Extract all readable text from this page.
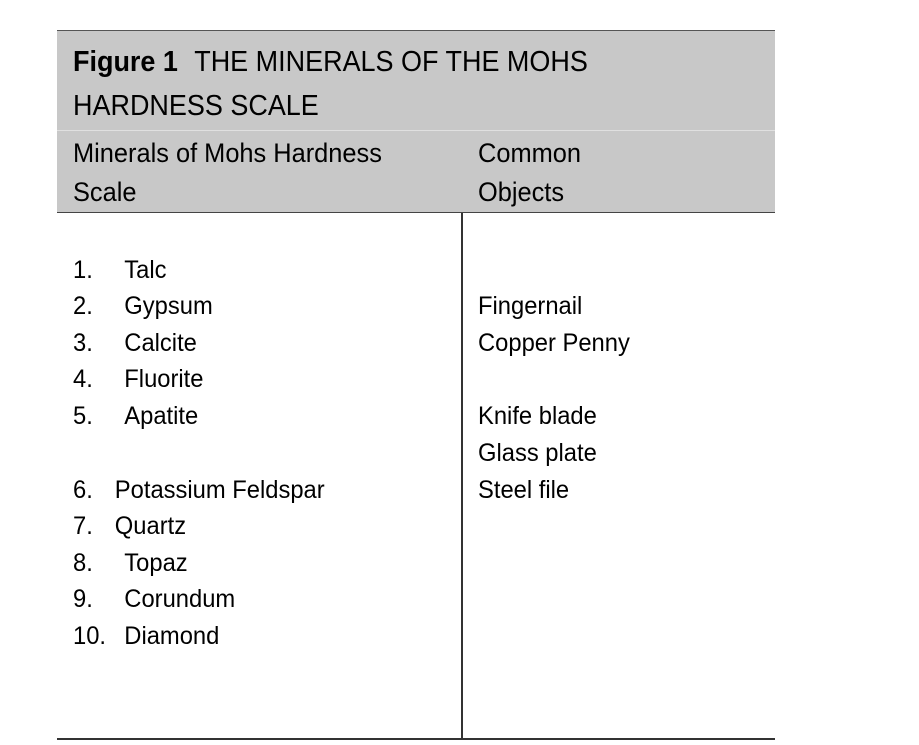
Figure 1 THE MINERALS OF THE MOHS
HARDNESS SCALE
Minerals of Mohs Hardness
Scale
Common
Objects
1. Talc
2. Gypsum
3. Calcite
4. Fluorite
5. Apatite
6. Potassium Feldspar
7. Quartz
8. Topaz
9. Corundum
10. Diamond
Fingernail
Copper Penny
Knife blade
Glass plate
Steel file
